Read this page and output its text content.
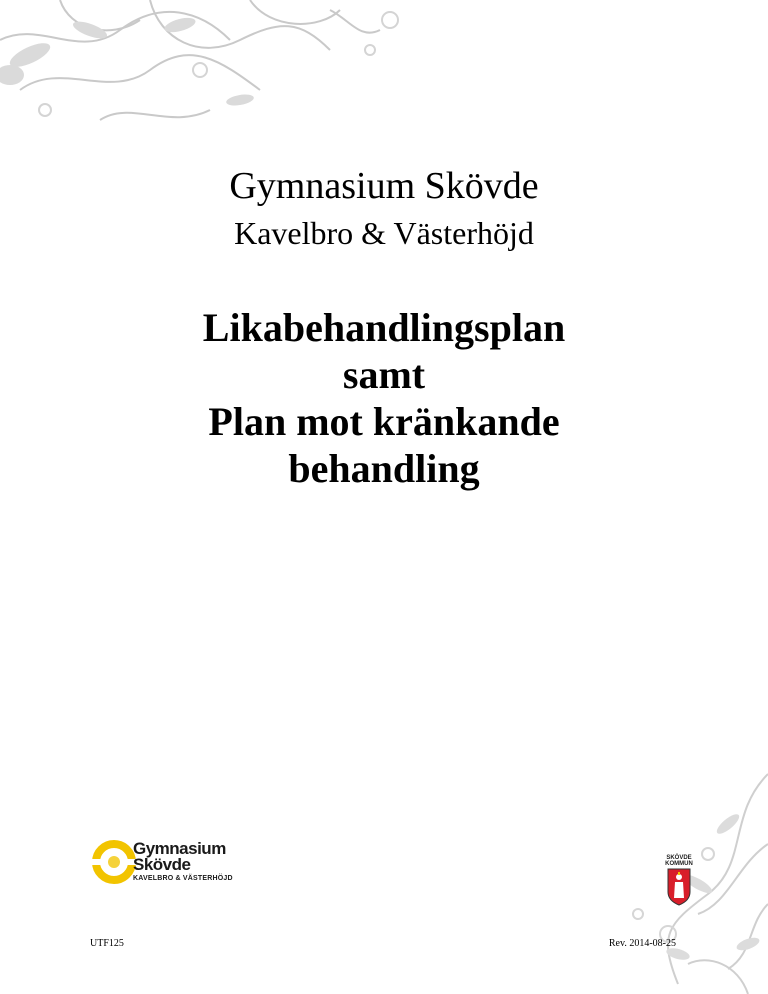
Gymnasium Skövde
Kavelbro & Västerhöjd
Likabehandlingsplan
samt
Plan mot kränkande
behandling
Gymnasium
Skövde
KAVELBRO & VÄSTERHÖJD
SKÖVDE
KOMMUN
UTF125	Rev. 2014-08-25
